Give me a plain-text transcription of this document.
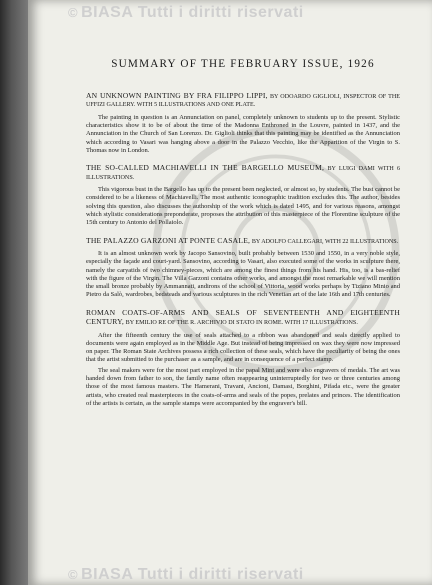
© BIASA Tutti i diritti riservati
SUMMARY OF THE FEBRUARY ISSUE, 1926

AN UNKNOWN PAINTING BY FRA FILIPPO LIPPI, BY ODOARDO GIGLIOLI, INSPECTOR OF THE UFFIZI GALLERY. WITH 5 ILLUSTRATIONS AND ONE PLATE.

The painting in question is an Annunciation on panel, completely unknown to students up to the present. Stylistic characteristics show it to be of about the time of the Madonna Enthroned in the Louvre, painted in 1437, and the Annunciation in the Church of San Lorenzo. Dr. Giglioli thinks that this painting may be identified as the Annunciation which according to Vasari was hanging above a door in the Palazzo Vecchio, like the Apparition of the Virgin to S. Thomas now in London.

THE SO-CALLED MACHIAVELLI IN THE BARGELLO MUSEUM, BY LUIGI DAMI WITH 6 ILLUSTRATIONS.

This vigorous bust in the Bargello has up to the present been neglected, or almost so, by students. The bust cannot be considered to be a likeness of Machiavelli. The most authentic iconographic tradition excludes this. The author, besides solving this question, also discusses the authorship of the work which is dated 1495, and for various reasons, amongst which stylistic considerations preponderate, proposes the attribution of this masterpiece of the Florentine sculpture of the 15th century to Antonio del Pollaiolo.

THE PALAZZO GARZONI AT PONTE CASALE, BY ADOLFO CALLEGARI, WITH 22 ILLUSTRATIONS.

It is an almost unknown work by Jacopo Sansovino, built probably between 1530 and 1550, in a very noble style, especially the façade and court-yard. Sansovino, according to Vasari, also executed some of the works in sculpture there, namely the caryatids of two chimney-pieces, which are among the finest things from his hand. His, too, is a bas-relief with the figure of the Virgin. The Villa Garzoni contains other works, and amongst the most remarkable we will mention the small bronze probably by Ammannati, andirons of the school of Vittoria, wood works perhaps by Tiziano Minio and Pietro da Salò, wardrobes, bedsteads and various sculptures in the rich Venetian art of the late 16th and 17th centuries.

ROMAN COATS-OF-ARMS AND SEALS OF SEVENTEENTH AND EIGHTEENTH CENTURY, BY EMILIO RE OF THE R. ARCHIVIO DI STATO IN ROME. WITH 17 ILLUSTRATIONS.

After the fifteenth century the use of seals attached to a ribbon was abandoned and seals directly applied to documents were again employed as in the Middle Age. But instead of being impressed on wax they were now impressed on paper. The Roman State Archives possess a rich collection of these seals, which have the peculiarity of being the ones that the artist submitted to the purchaser as a sample, and are in consequence of a perfect stamp.

The seal makers were for the most part employed in the papal Mint and were also engravers of medals. The art was handed down from father to son, the family name often reappearing uninterruptedly for two or three centuries among those of the most famous masters. The Hamerani, Travani, Ancioni, Damasi, Borghini, Pifada etc., were the greater artists, who created real masterpieces in the coats-of-arms and seals of the popes, prelates and princes. The identification of the artists is certain, as the sample stamps were accompanied by the engraver's bill.

© BIASA Tutti i diritti riservati
